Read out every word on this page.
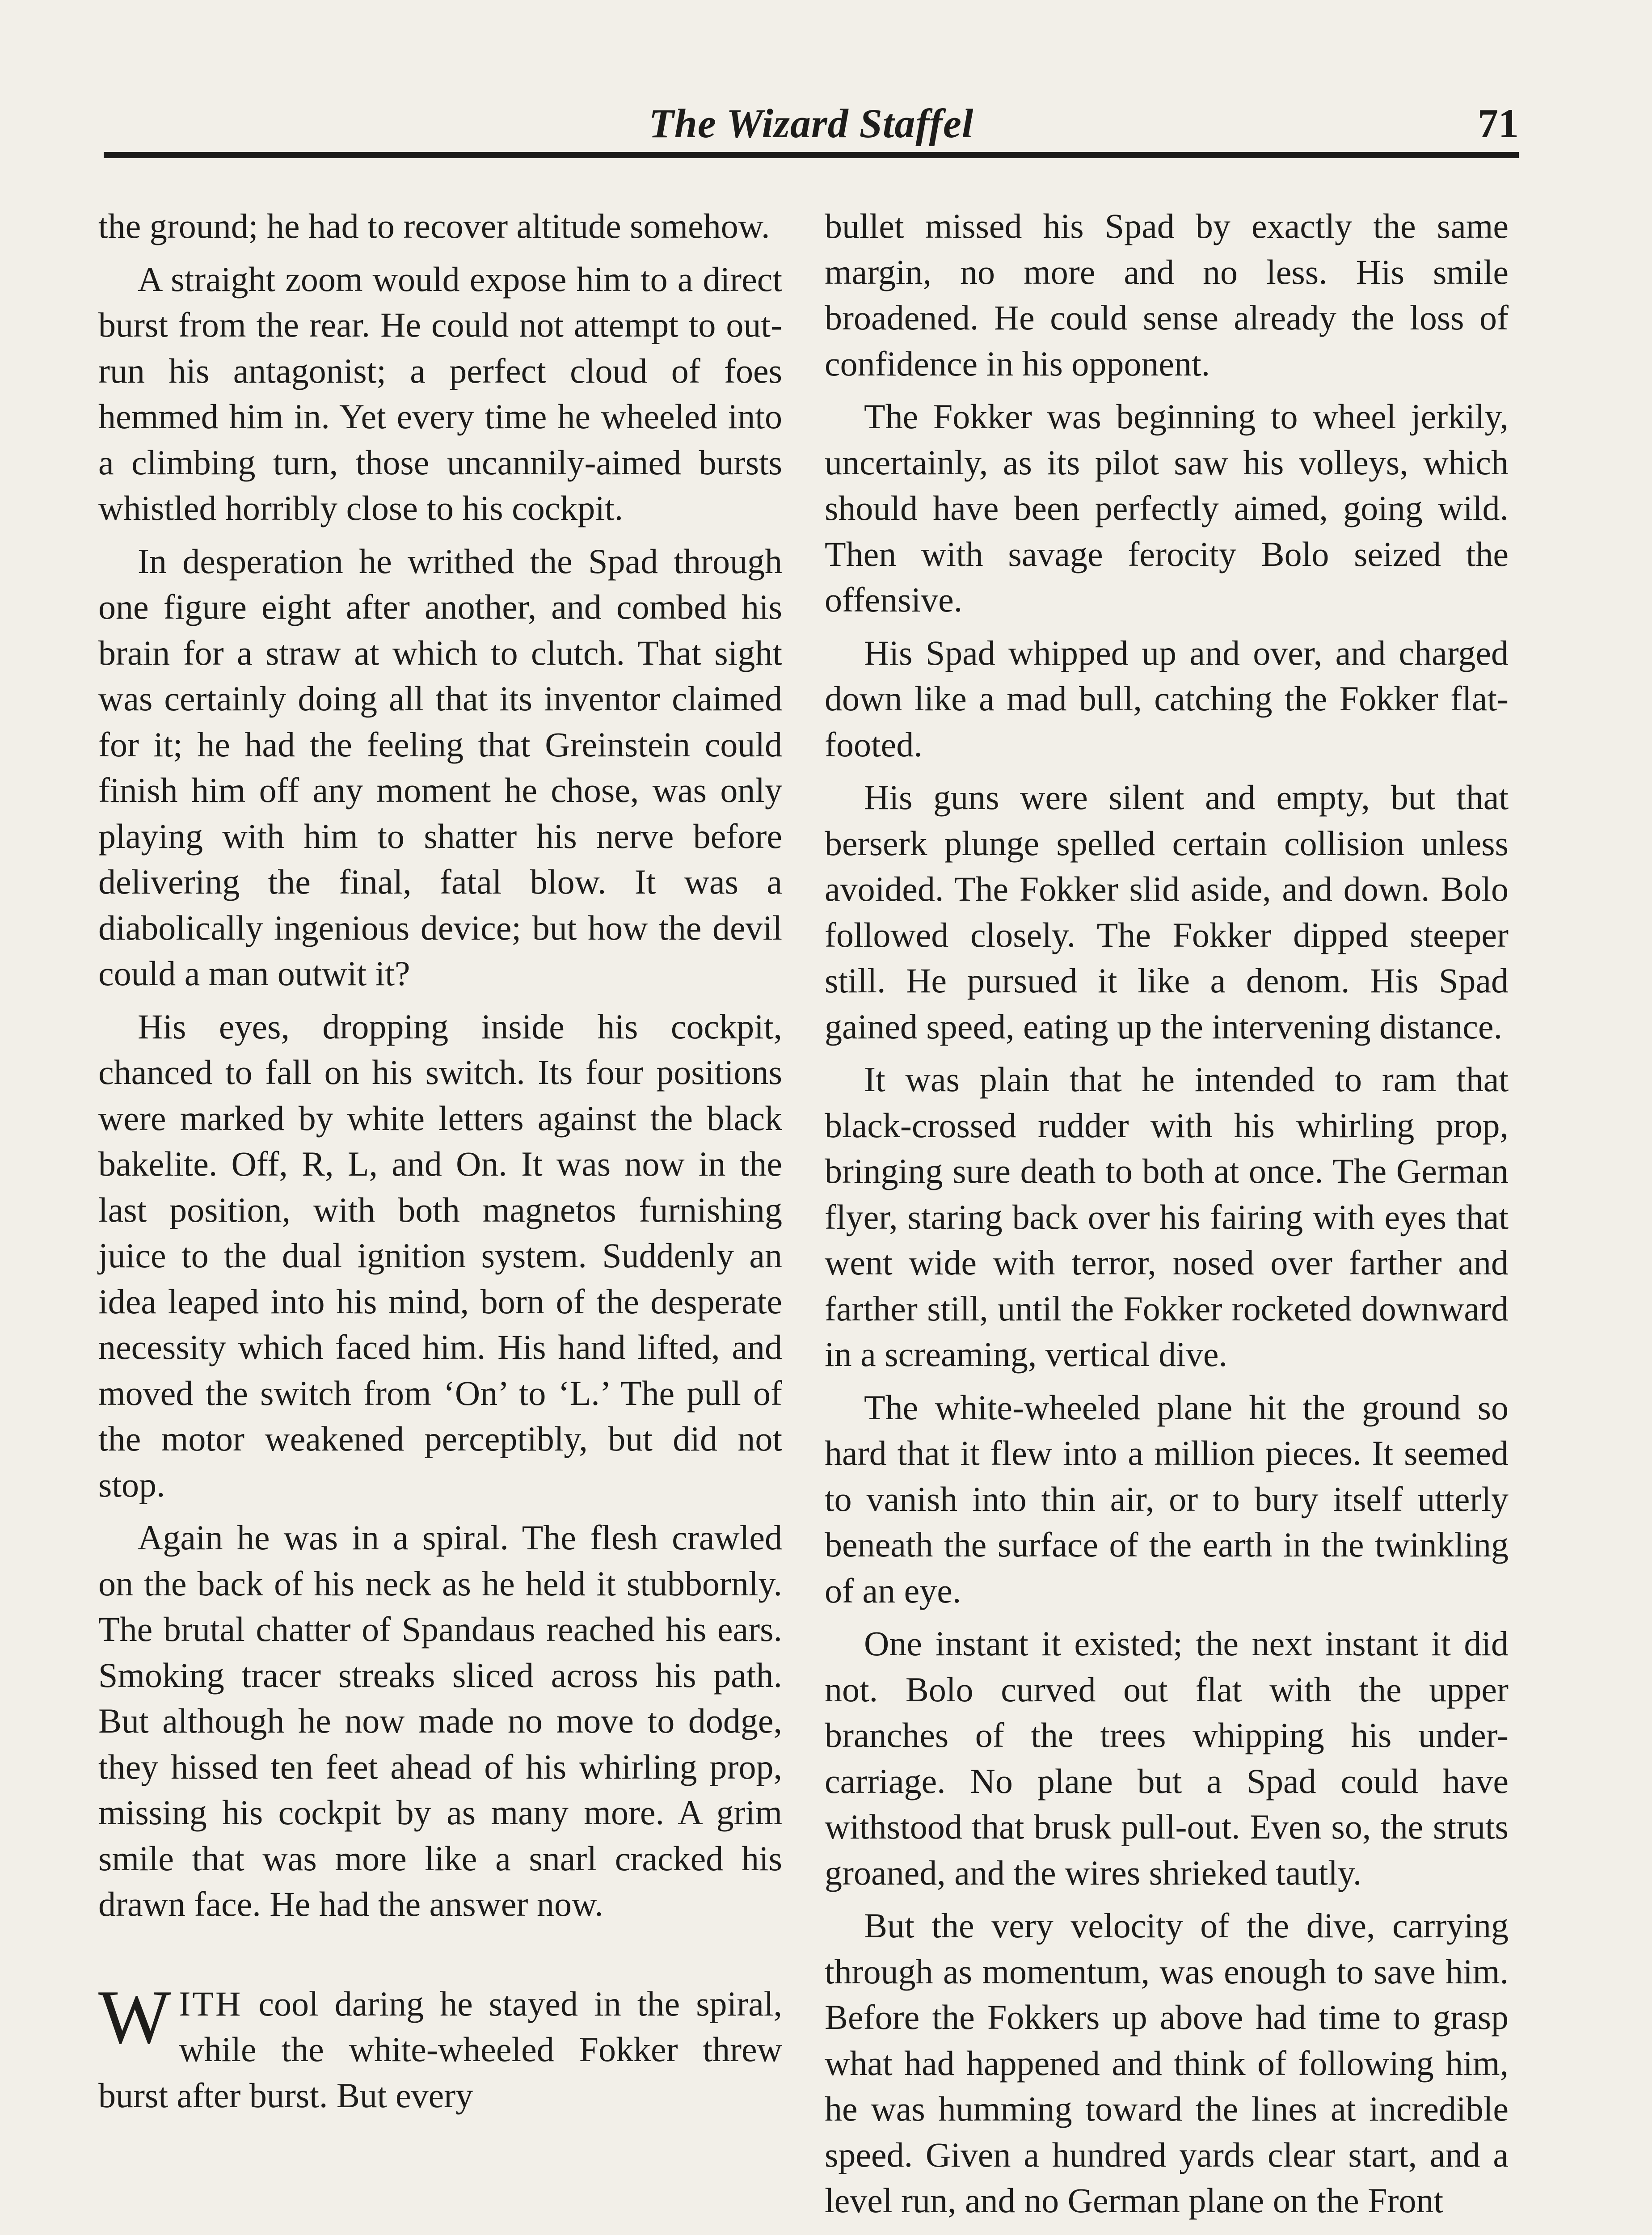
The Wizard Staffel	71

the ground; he had to recover altitude somehow.

A straight zoom would expose him to a direct burst from the rear. He could not attempt to out-run his antagonist; a perfect cloud of foes hemmed him in. Yet every time he wheeled into a climbing turn, those uncannily-aimed bursts whistled horribly close to his cockpit.

In desperation he writhed the Spad through one figure eight after another, and combed his brain for a straw at which to clutch. That sight was certainly doing all that its inventor claimed for it; he had the feeling that Greinstein could finish him off any moment he chose, was only playing with him to shatter his nerve before delivering the final, fatal blow. It was a diabolically ingenious device; but how the devil could a man outwit it?

His eyes, dropping inside his cockpit, chanced to fall on his switch. Its four positions were marked by white letters against the black bakelite. Off, R, L, and On. It was now in the last position, with both magnetos furnishing juice to the dual ignition system. Suddenly an idea leaped into his mind, born of the desperate necessity which faced him. His hand lifted, and moved the switch from ‘On’ to ‘L.’ The pull of the motor weakened perceptibly, but did not stop.

Again he was in a spiral. The flesh crawled on the back of his neck as he held it stubbornly. The brutal chatter of Spandaus reached his ears. Smoking tracer streaks sliced across his path. But although he now made no move to dodge, they hissed ten feet ahead of his whirling prop, missing his cockpit by as many more. A grim smile that was more like a snarl cracked his drawn face. He had the answer now.

WITH cool daring he stayed in the spiral, while the white-wheeled Fokker threw burst after burst. But every

bullet missed his Spad by exactly the same margin, no more and no less. His smile broadened. He could sense already the loss of confidence in his opponent.

The Fokker was beginning to wheel jerkily, uncertainly, as its pilot saw his volleys, which should have been perfectly aimed, going wild. Then with savage ferocity Bolo seized the offensive.

His Spad whipped up and over, and charged down like a mad bull, catching the Fokker flat-footed.

His guns were silent and empty, but that berserk plunge spelled certain collision unless avoided. The Fokker slid aside, and down. Bolo followed closely. The Fokker dipped steeper still. He pursued it like a denom. His Spad gained speed, eating up the intervening distance.

It was plain that he intended to ram that black-crossed rudder with his whirling prop, bringing sure death to both at once. The German flyer, staring back over his fairing with eyes that went wide with terror, nosed over farther and farther still, until the Fokker rocketed downward in a screaming, vertical dive.

The white-wheeled plane hit the ground so hard that it flew into a million pieces. It seemed to vanish into thin air, or to bury itself utterly beneath the surface of the earth in the twinkling of an eye.

One instant it existed; the next instant it did not. Bolo curved out flat with the upper branches of the trees whipping his under-carriage. No plane but a Spad could have withstood that brusk pull-out. Even so, the struts groaned, and the wires shrieked tautly.

But the very velocity of the dive, carrying through as momentum, was enough to save him. Before the Fokkers up above had time to grasp what had happened and think of following him, he was humming toward the lines at incredible speed. Given a hundred yards clear start, and a level run, and no German plane on the Front
